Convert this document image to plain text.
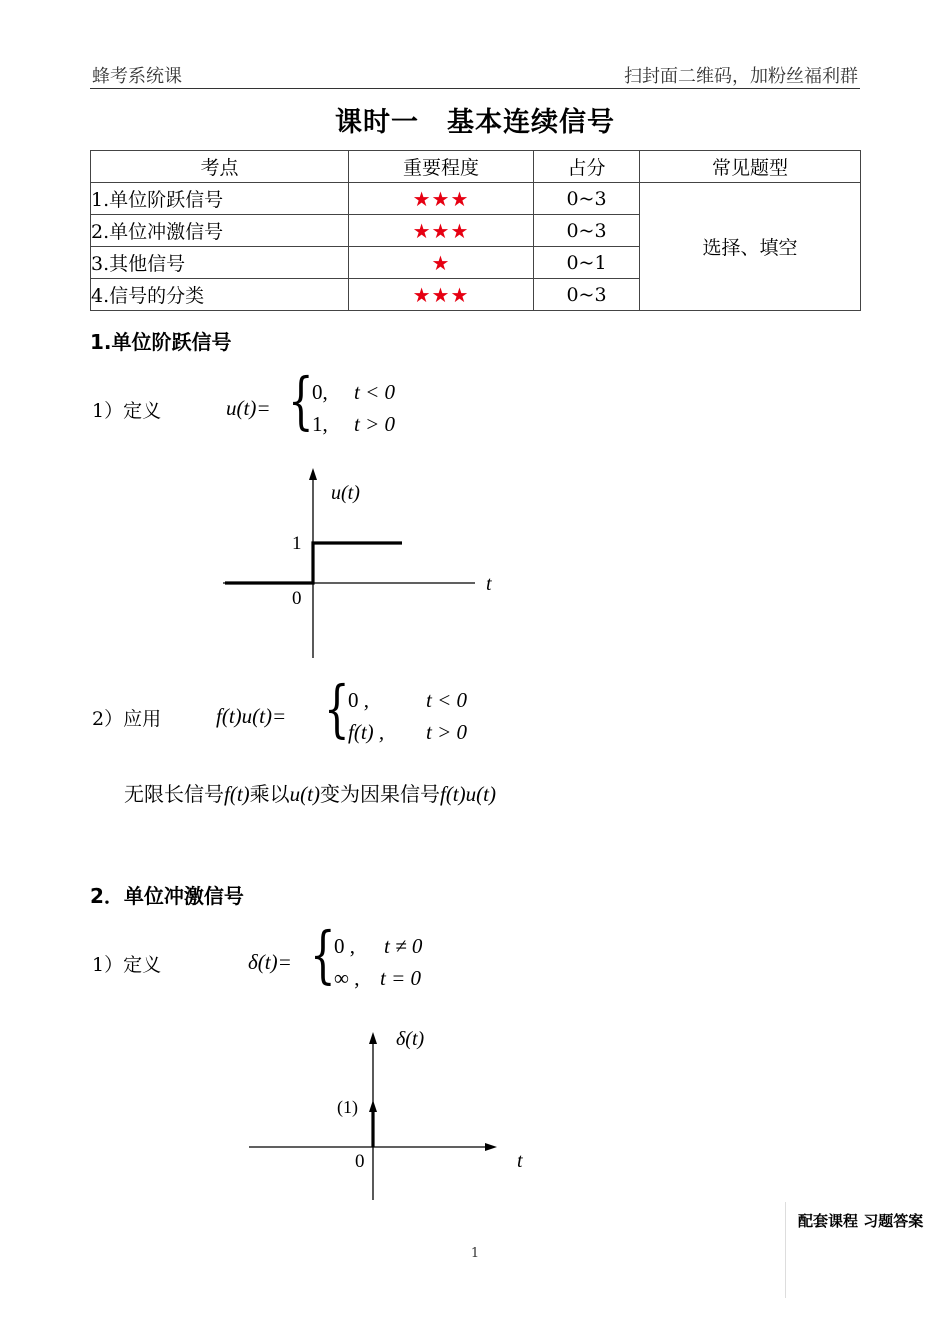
蜂考系统课	扫封面二维码，加粉丝福利群
课时一　基本连续信号
考点	重要程度	占分	常见题型
1.单位阶跃信号	★★★	0~3	选择、填空
2.单位冲激信号	★★★	0~3	
3.其他信号	★	0~1	
4.信号的分类	★★★	0~3	
1.单位阶跃信号
1）定义	u(t)= {
0, t < 0
1, t > 0
u(t)
t
1
0
2）应用	f(t)u(t)= {
0 ,	t < 0
f(t) , t > 0
无限长信号f(t)乘以u(t)变为因果信号f(t)u(t)
2．单位冲激信号
1）定义	δ(t)= {
0 , t ≠ 0
∞ , t = 0
δ(t)
t
(1)
0
配套课程 习题答案
1
